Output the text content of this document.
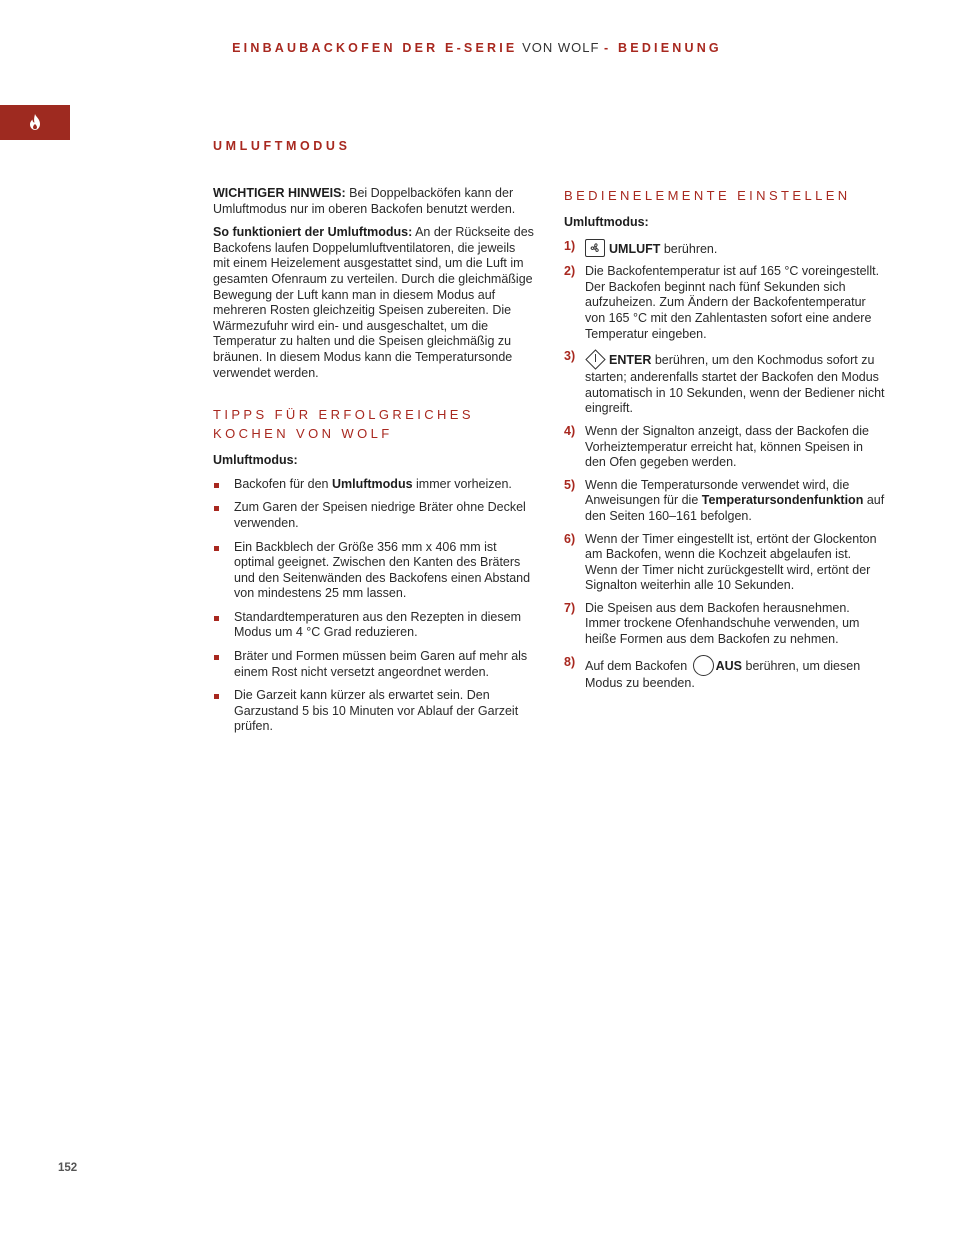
EINBAUBACKOFEN DER E-SERIE VON WOLF - BEDIENUNG
UMLUFTMODUS

WICHTIGER HINWEIS: Bei Doppelbacköfen kann der Umluftmodus nur im oberen Backofen benutzt werden.

So funktioniert der Umluftmodus: An der Rückseite des Backofens laufen Doppelumluftventilatoren, die jeweils mit einem Heizelement ausgestattet sind, um die Luft im gesamten Ofenraum zu verteilen. Durch die gleichmäßige Bewegung der Luft kann man in diesem Modus auf mehreren Rosten gleichzeitig Speisen zubereiten. Die Wärmezufuhr wird ein- und ausgeschaltet, um die Temperatur zu halten und die Speisen gleichmäßig zu bräunen. In diesem Modus kann die Temperatursonde verwendet werden.

TIPPS FÜR ERFOLGREICHES KOCHEN VON WOLF
Umluftmodus:
Backofen für den Umluftmodus immer vorheizen.
Zum Garen der Speisen niedrige Bräter ohne Deckel verwenden.
Ein Backblech der Größe 356 mm x 406 mm ist optimal geeignet. Zwischen den Kanten des Bräters und den Seitenwänden des Backofens einen Abstand von mindestens 25 mm lassen.
Standardtemperaturen aus den Rezepten in diesem Modus um 4 °C Grad reduzieren.
Bräter und Formen müssen beim Garen auf mehr als einem Rost nicht versetzt angeordnet werden.
Die Garzeit kann kürzer als erwartet sein. Den Garzustand 5 bis 10 Minuten vor Ablauf der Garzeit prüfen.
BEDIENELEMENTE EINSTELLEN
Umluftmodus:
1)	UMLUFT berühren.
2) Die Backofentemperatur ist auf 165 °C voreingestellt. Der Backofen beginnt nach fünf Sekunden sich aufzuheizen. Zum Ändern der Backofentemperatur von 165 °C mit den Zahlentasten sofort eine andere Temperatur eingeben.
3)	ENTER berühren, um den Kochmodus sofort zu starten; anderenfalls startet der Backofen den Modus automatisch in 10 Sekunden, wenn der Bediener nicht eingreift.
4) Wenn der Signalton anzeigt, dass der Backofen die Vorheiztemperatur erreicht hat, können Speisen in den Ofen gegeben werden.
5) Wenn die Temperatursonde verwendet wird, die Anweisungen für die Temperatursondenfunktion auf den Seiten 160–161 befolgen.
6) Wenn der Timer eingestellt ist, ertönt der Glockenton am Backofen, wenn die Kochzeit abgelaufen ist. Wenn der Timer nicht zurückgestellt wird, ertönt der Signalton weiterhin alle 10 Sekunden.
7) Die Speisen aus dem Backofen herausnehmen. Immer trockene Ofenhandschuhe verwenden, um heiße Formen aus dem Backofen zu nehmen.
8) Auf dem Backofen AUS berühren, um diesen Modus zu beenden.
152
